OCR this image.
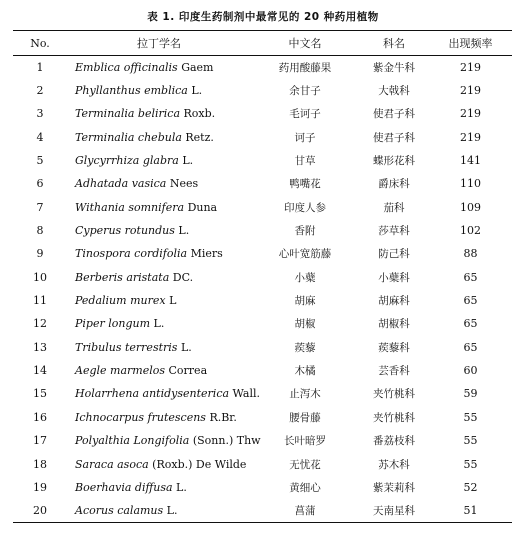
表 1. 印度生药制剂中最常见的 20 种药用植物
No.	拉丁学名	中文名	科名	出现频率
1	Emblica officinalis Gaem	药用酸藤果	紫金牛科	219
2	Phyllanthus emblica L.	余甘子	大戟科	219
3	Terminalia belirica Roxb.	毛诃子	使君子科	219
4	Terminalia chebula Retz.	诃子	使君子科	219
5	Glycyrrhiza glabra L.	甘草	蝶形花科	141
6	Adhatada vasica Nees	鸭嘴花	爵床科	110
7	Withania somnifera Duna	印度人参	茄科	109
8	Cyperus rotundus L.	香附	莎草科	102
9	Tinospora cordifolia Miers	心叶宽筋藤	防己科	88
10	Berberis aristata DC.	小蘗	小蘗科	65
11	Pedalium murex L	胡麻	胡麻科	65
12	Piper longum L.	胡椒	胡椒科	65
13	Tribulus terrestris L.	蒺藜	蒺藜科	65
14	Aegle marmelos Correa	木橘	芸香科	60
15	Holarrhena antidysenterica Wall.	止泻木	夹竹桃科	59
16	Ichnocarpus frutescens R.Br.	腰骨藤	夹竹桃科	55
17	Polyalthia Longifolia (Sonn.) Thw	长叶暗罗	番荔枝科	55
18	Saraca asoca (Roxb.) De Wilde	无忧花	苏木科	55
19	Boerhavia diffusa L.	黄细心	紫茉莉科	52
20	Acorus calamus L.	菖蒲	天南星科	51
